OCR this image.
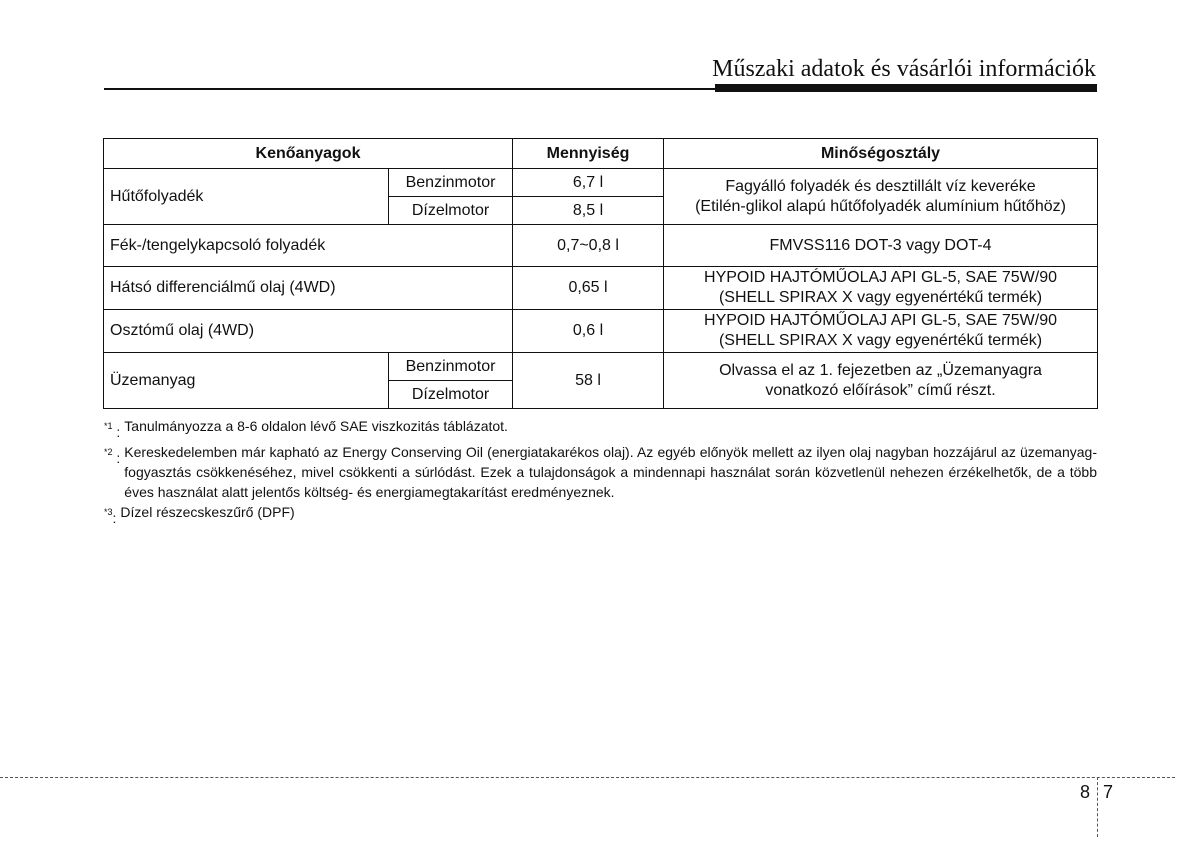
Műszaki adatok és vásárlói információk
Kenőanyagok		Mennyiség	Minőségosztály
Hűtőfolyadék	Benzinmotor	6,7 l	Fagyálló folyadék és desztillált víz keveréke
(Etilén-glikol alapú hűtőfolyadék alumínium hűtőhöz)
	Dízelmotor	8,5 l	
Fék-/tengelykapcsoló folyadék		0,7~0,8 l	FMVSS116 DOT-3 vagy DOT-4
Hátsó differenciálmű olaj (4WD)		0,65 l	HYPOID HAJTÓMŰOLAJ API GL-5, SAE 75W/90
(SHELL SPIRAX X vagy egyenértékű termék)
Osztómű olaj (4WD)		0,6 l	HYPOID HAJTÓMŰOLAJ API GL-5, SAE 75W/90
(SHELL SPIRAX X vagy egyenértékű termék)
Üzemanyag	Benzinmotor	58 l	Olvassa el az 1. fejezetben az „Üzemanyagra
vonatkozó előírások” című részt.
	Dízelmotor		
$^{*1}$ : Tanulmányozza a 8-6 oldalon lévő SAE viszkozitás táblázatot.
$^{*2}$ : Kereskedelemben már kapható az Energy Conserving Oil (energiatakarékos olaj). Az egyéb előnyök mellett az ilyen olaj nagyban hozzájárul az üzemanyag-fogyasztás csökkenéséhez, mivel csökkenti a súrlódást. Ezek a tulajdonságok a mindennapi használat során közvetlenül nehezen érzékelhetők, de a több éves használat alatt jelentős költség- és energiamegtakarítást eredményeznek.
$^{*3}$: Dízel részecskeszűrő (DPF)
8 7
